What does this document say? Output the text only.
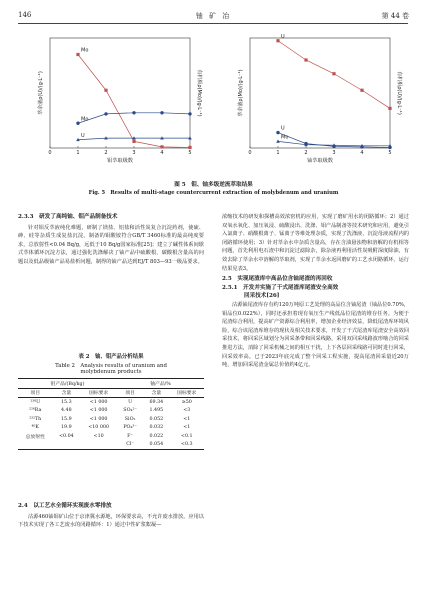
146	铀 矿 冶	第 44 卷
0	1	2	3	4	5
钼萃取级数
萃余液ρ(U)/(g·L⁻¹)	有机相ρ(Mo)/(g·L⁻¹)
Mo
Mo
U
0	1	2	3	4	5
铀萃取级数
萃余液ρ(Mo)/(g·L⁻¹)	有机相ρ(U)/(g·L⁻¹)
U
U
Mo
图 5　钼、铀多级逆流萃取结果
Fig. 5　Results of multi-stage countercurrent extraction of molybdenum and uranium
2.3.3　研发了高纯铀、钼产品制备技术

针对钼反萃液纯化难题，研制了镁盐、铝盐和活性炭复合沉淀药剂，使硫、砷、硅等杂质生成复盐沉淀，制备的钼酸铵符合GB/T 3460标准的最高纯度要求，总放射性<0.04 Bq/g，远低于10 Bq/g国家标准[25]；建立了碱性体系间歇式萃体循环沉淀方法，通过强化洗涤解决了铀产品中硫酸根、碳酸根含量高的问题以及低品级铀产品易盐析问题，制得的铀产品达到EJ/T 803—93一级品要求。

表 2　铀、钼产品分析结果
Table 2　Analysis results of uranium and
molybdenum products
钼产品/(Bq/kg)			铀产品/%		
项目	含量	国标要求	项目	含量	国标要求
²³⁸U	15.3	<1 000	U	69.34	≥50
²²⁶Ra	4.48	<1 000	SO₄²⁻	1.495	<3
²³²Th	15.9	<1 000	SiO₂	0.052	<1
⁴⁰K	19.9	<10 000	PO₄³⁻	0.032	<1
总放射性	<0.04	<10	F⁻	0.022	<0.1
			Cl⁻	0.054	<0.3
2.4　以工艺水全循环实现废水零排放

沽源460铀钼矿山位于京津冀水源地，环保要求高，不允许废水排放。应用以下技术实现了各工艺废水的闭路循环：1）通过中性矿浆絮凝—

浓缩技术的研发和探槽高效浓密机的应用，实现了磨矿用水的闭路循环；2）通过双氧水氧化、加压氧浸、硫酸浸出、洗涤、钼产品制备等技术研究和应用，避免引入氯离子、硝酸根离子、锰离子等难处理杂质，实现了洗涤液、沉淀母液流程内的闭路循环使用；3）针对萃余水中杂质含量高，存在含油悬浊物和溶解的有机相等问题，首先利用电石渣中和沉淀过滤除杂，除杂液再利用活性炭吸附深度除油，有效去除了萃余水中溶解的萃取剂，实现了萃余水返回磨矿的工艺水闭路循环，运行结果见表3。

2.5　实现尾渣库中高品位含铀尾渣的再回收
2.5.1　开发并实施了干式尾渣库尾渣安全高效
回采技术[26]

沽源铀尾渣库存有约120万吨原工艺处理的高品位含铀尾渣（铀品位0.70%，钼品位0.022%），同时还承担着现有氧压生产线低品位尾渣的堆存任务。为便于尾渣综合利用，提高矿产资源综合利用率，增加企业经济效益，降低尾渣库环境风险，综合该尾渣库堆存的现状及相关技术要求，开发了干式尾渣库尾渣安全高效回采技术，将回采区域划分为回采条带和回采线路，采用双回采线路波形啮合的回采推进方法，消除了回采机械之间的相互干扰，上下各层回采线路可同时进行回采，回采效率高。已于2023年底完成了整个回采工程实施，提高尾渣回采量近20万吨，增加回采尾渣金属总价值约4亿元。
